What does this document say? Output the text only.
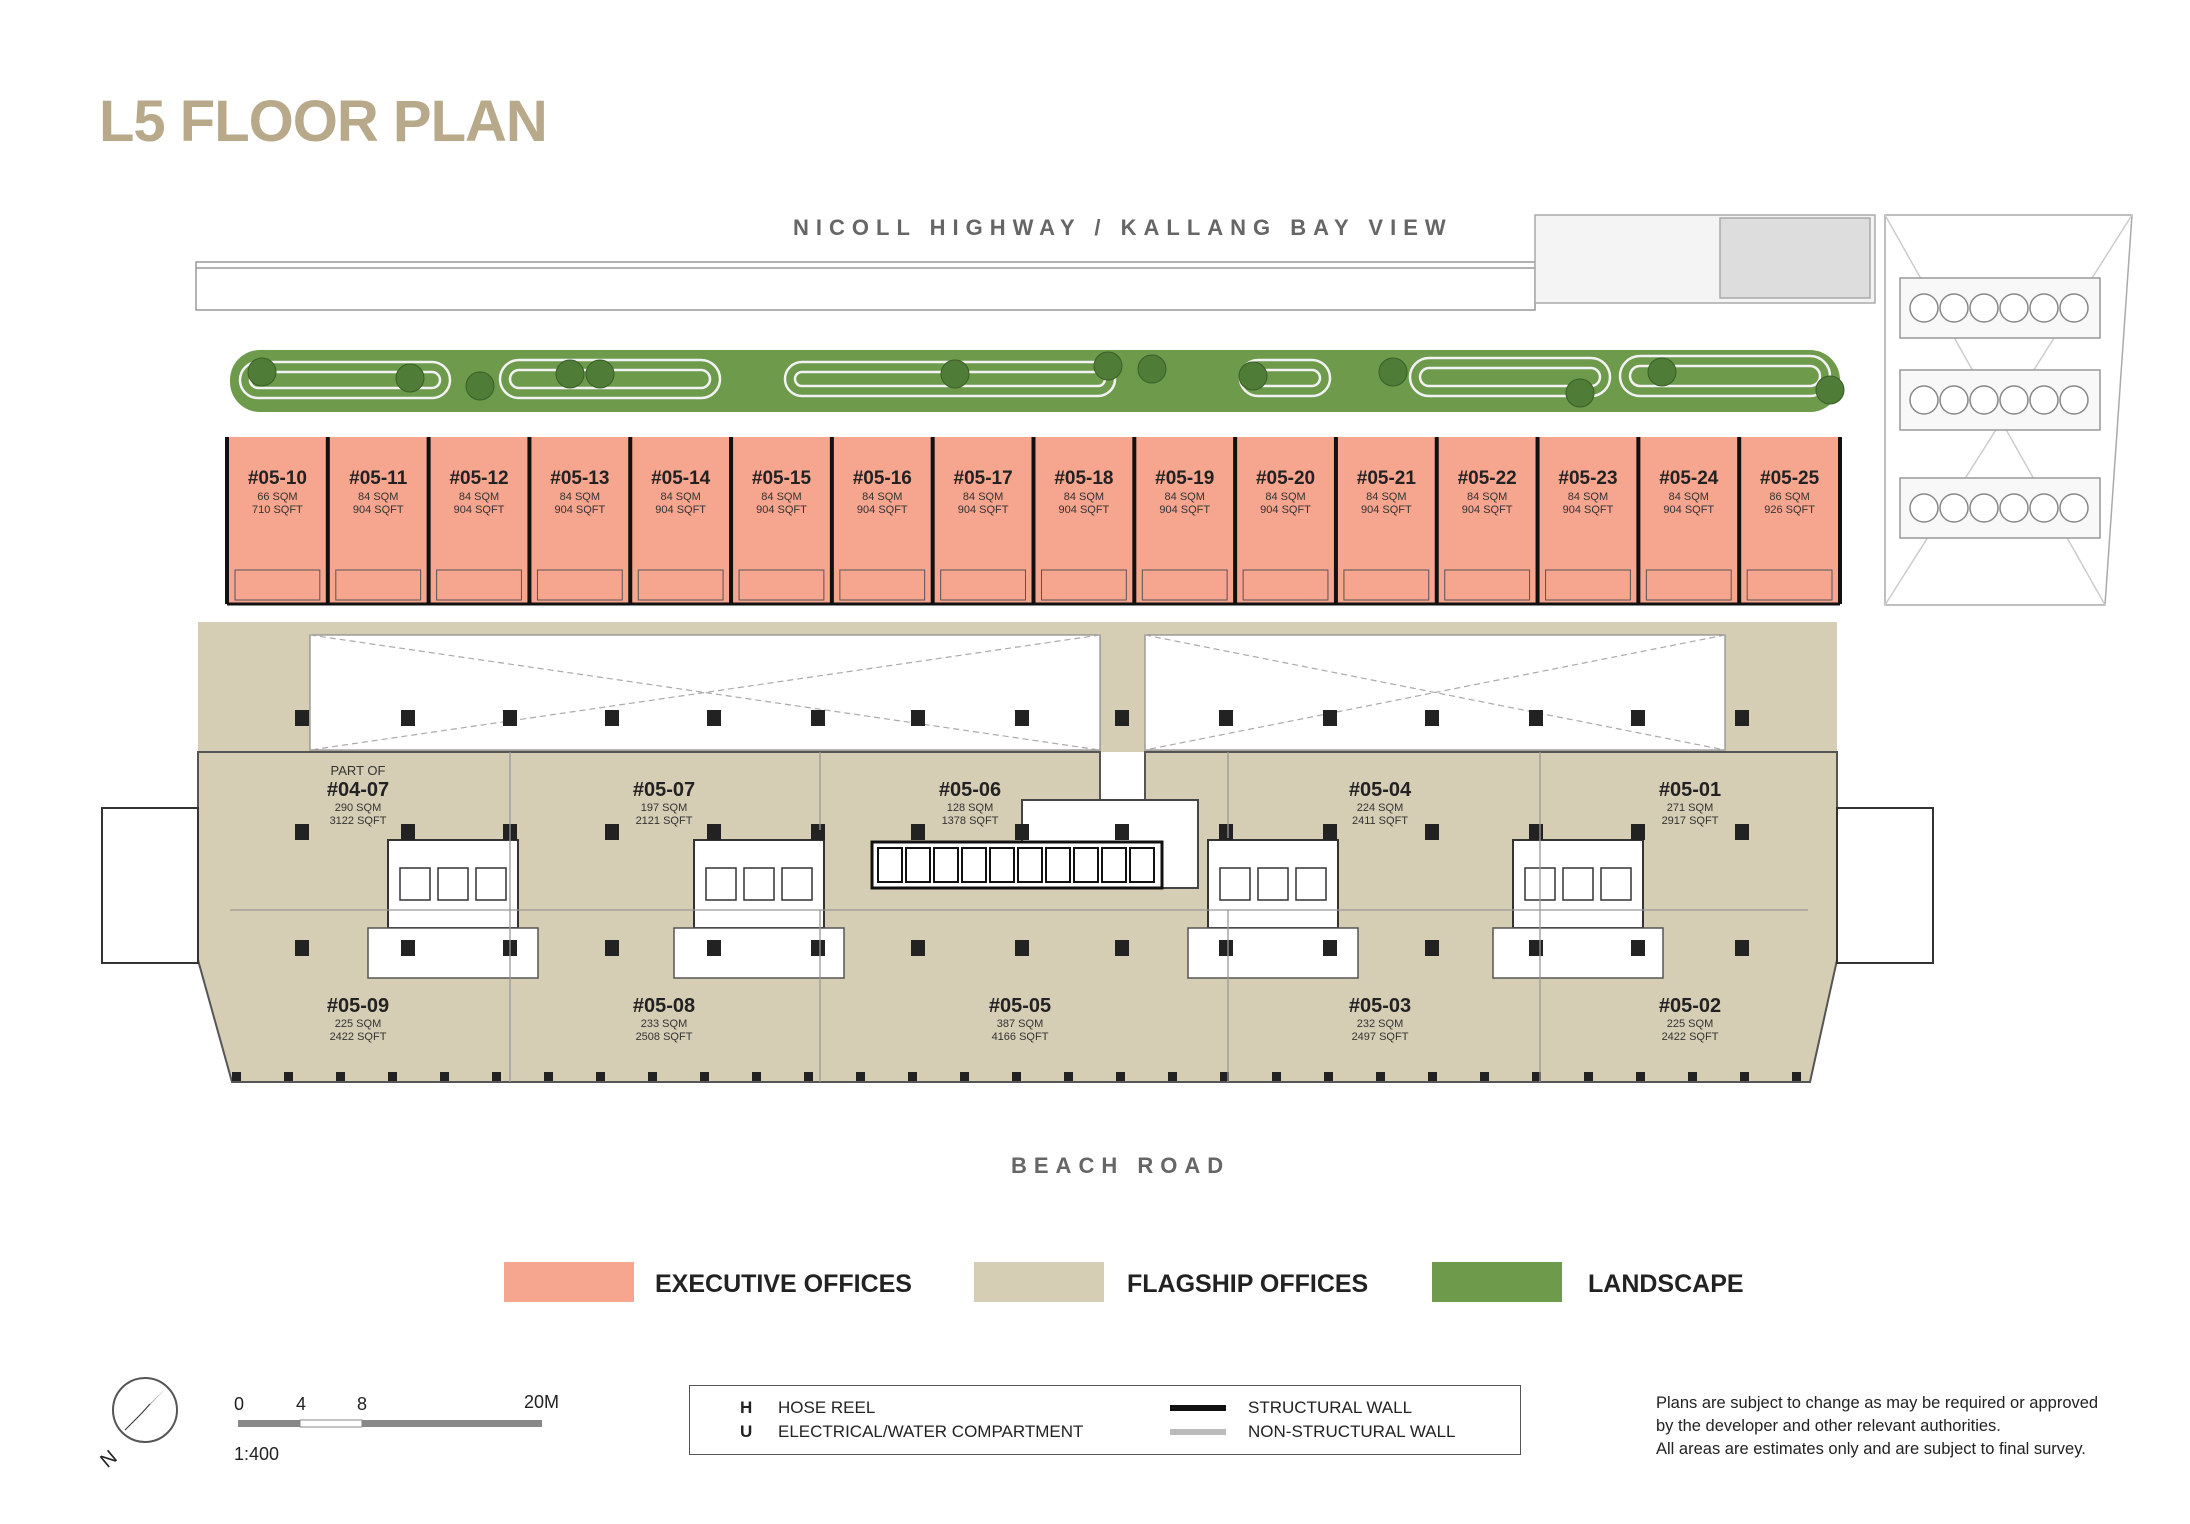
L5 FLOOR PLAN
NICOLL HIGHWAY / KALLANG BAY VIEW
BEACH ROAD
#05-10
66 SQM
710 SQFT
#05-11
84 SQM
904 SQFT
#05-12
84 SQM
904 SQFT
#05-13
84 SQM
904 SQFT
#05-14
84 SQM
904 SQFT
#05-15
84 SQM
904 SQFT
#05-16
84 SQM
904 SQFT
#05-17
84 SQM
904 SQFT
#05-18
84 SQM
904 SQFT
#05-19
84 SQM
904 SQFT
#05-20
84 SQM
904 SQFT
#05-21
84 SQM
904 SQFT
#05-22
84 SQM
904 SQFT
#05-23
84 SQM
904 SQFT
#05-24
84 SQM
904 SQFT
#05-25
86 SQM
926 SQFT
PART OF
#04-07
290 SQM
3122 SQFT
#05-07
197 SQM
2121 SQFT
#05-06
128 SQM
1378 SQFT
#05-04
224 SQM
2411 SQFT
#05-01
271 SQM
2917 SQFT
#05-09
225 SQM
2422 SQFT
#05-08
233 SQM
2508 SQFT
#05-05
387 SQM
4166 SQFT
#05-03
232 SQM
2497 SQFT
#05-02
225 SQM
2422 SQFT
EXECUTIVE OFFICES	FLAGSHIP OFFICES	LANDSCAPE
N
0	4	8	20M
1:400
H HOSE REEL
U ELECTRICAL/WATER COMPARTMENT
STRUCTURAL WALL
NON-STRUCTURAL WALL
Plans are subject to change as may be required or approved
by the developer and other relevant authorities.
All areas are estimates only and are subject to final survey.
